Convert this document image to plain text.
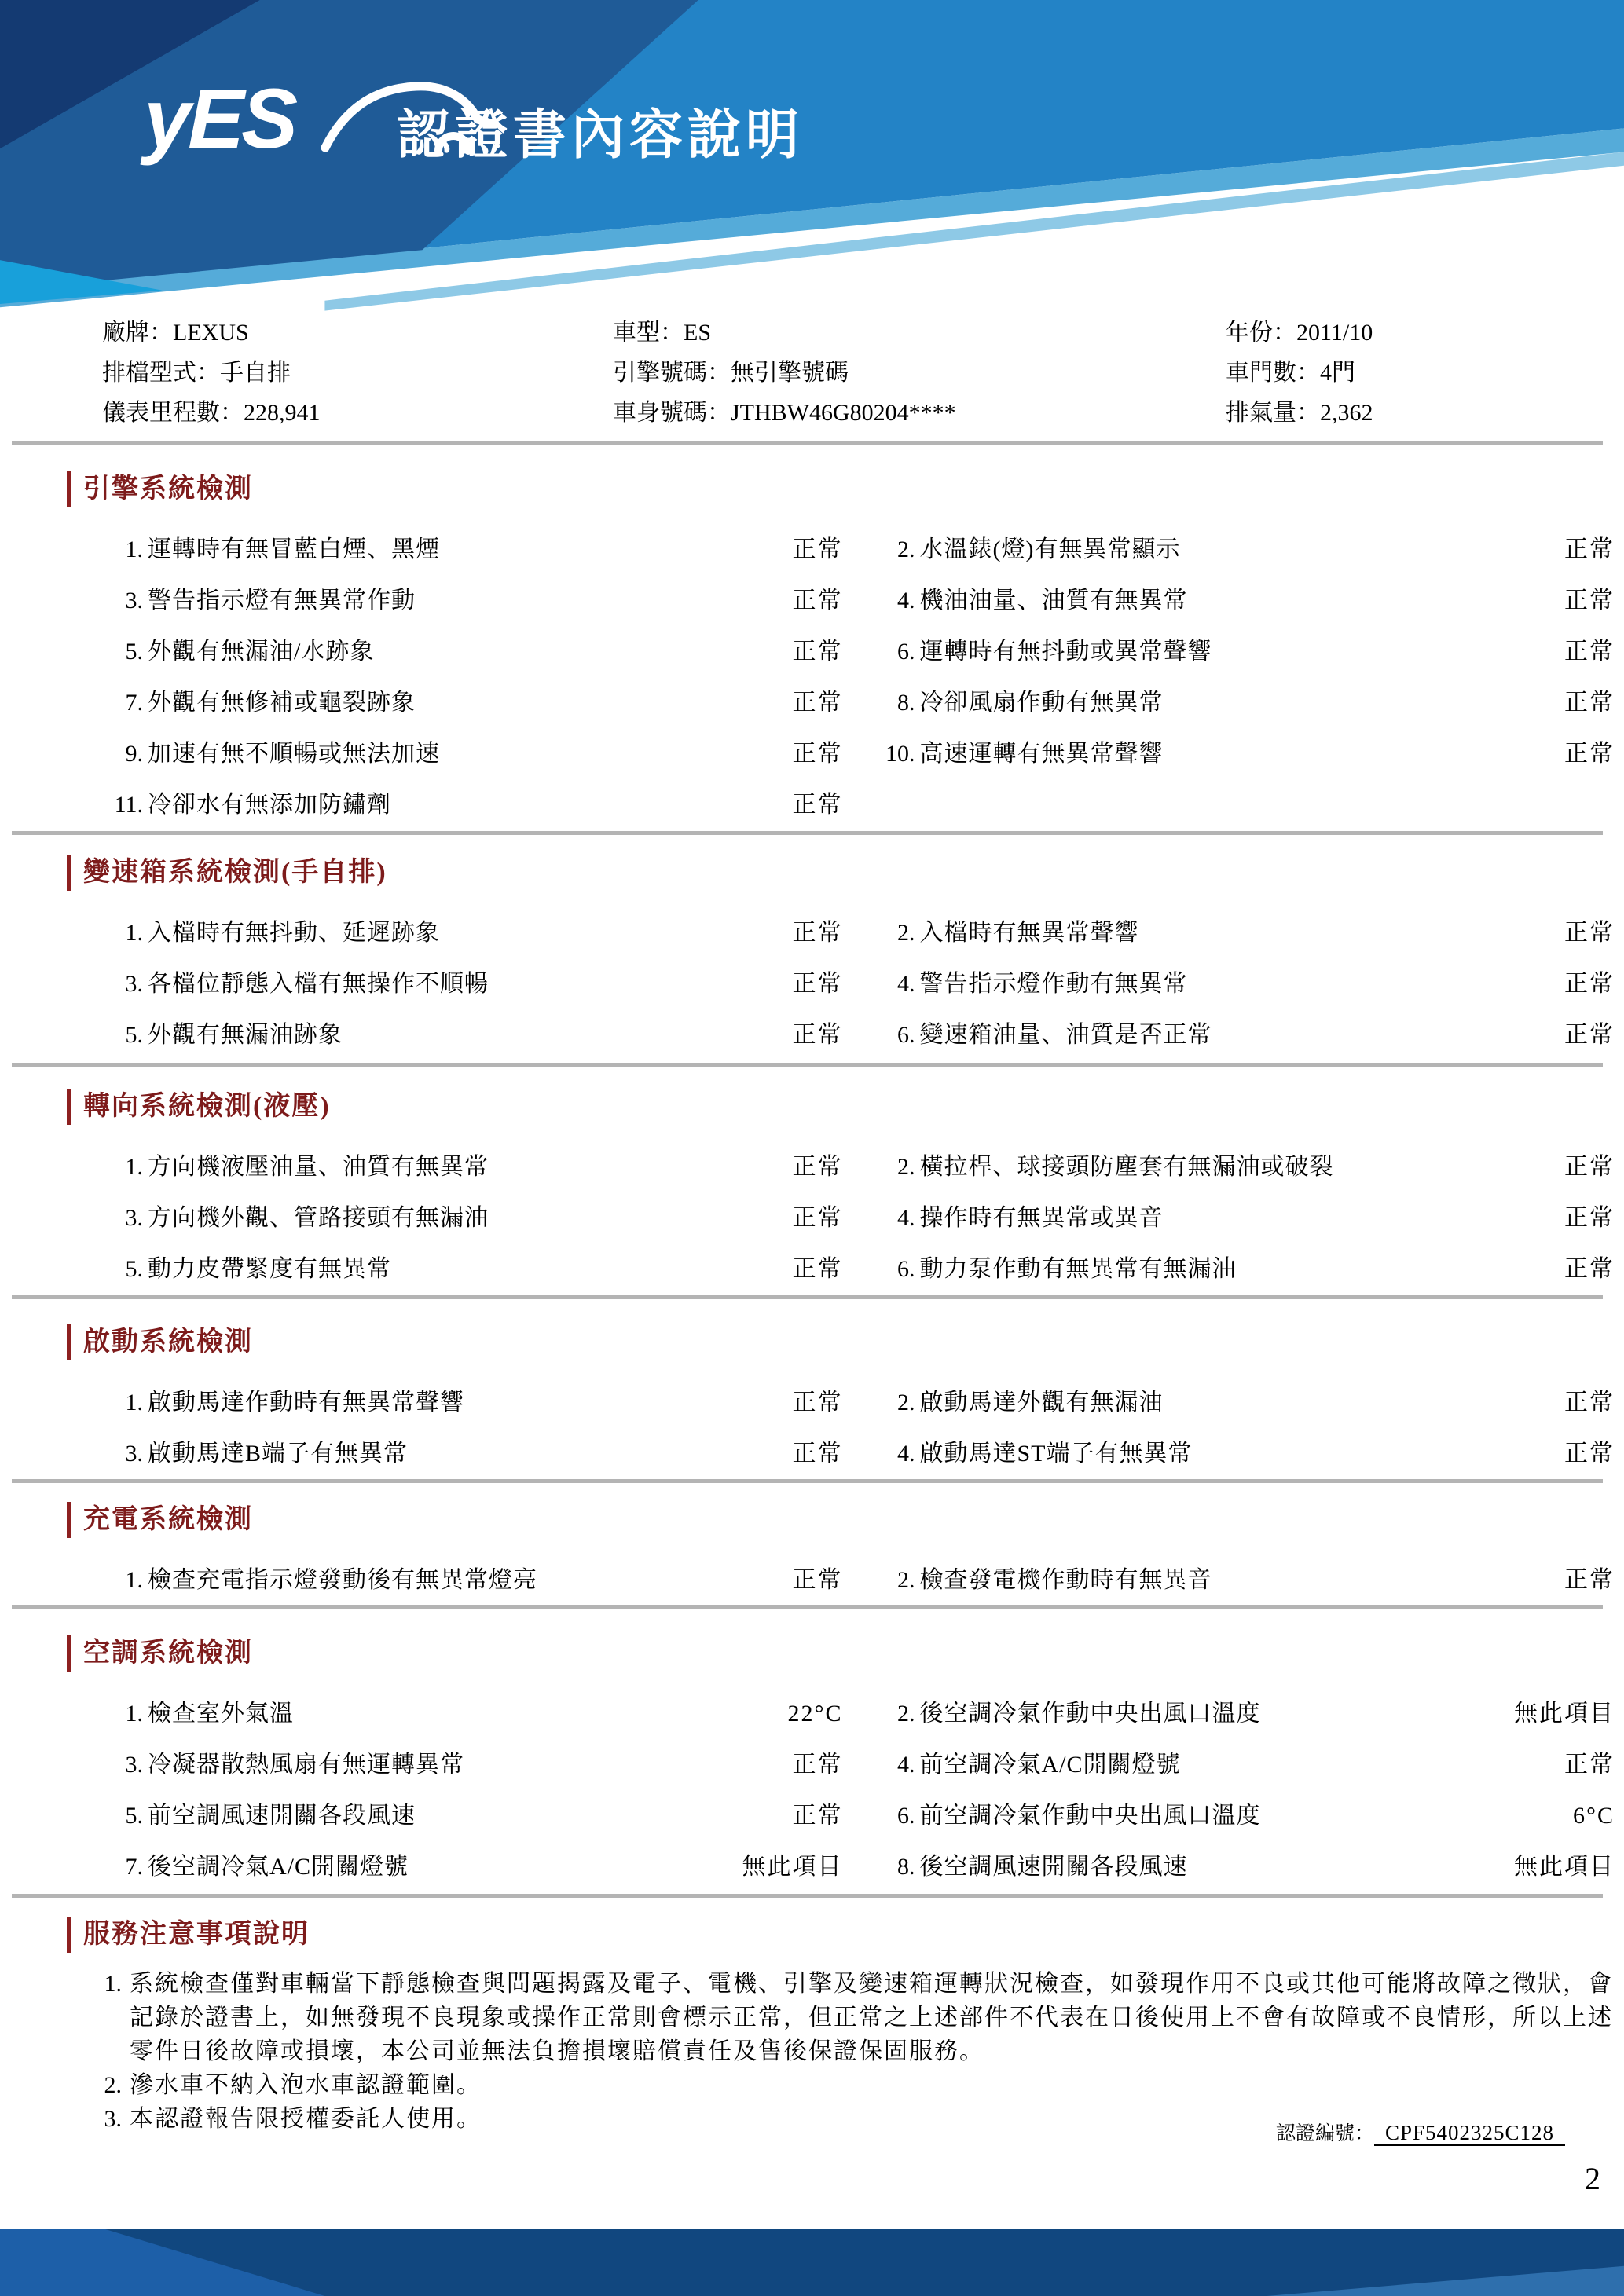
yES 認證書內容說明
廠牌：LEXUS	車型：ES	年份：2011/10
排檔型式：手自排	引擎號碼：無引擎號碼	車門數：4門
儀表里程數：228,941	車身號碼：JTHBW46G80204****	排氣量：2,362
引擎系統檢測
1. 運轉時有無冒藍白煙、黑煙	正常	2. 水溫錶(燈)有無異常顯示	正常
3. 警告指示燈有無異常作動	正常	4. 機油油量、油質有無異常	正常
5. 外觀有無漏油/水跡象	正常	6. 運轉時有無抖動或異常聲響	正常
7. 外觀有無修補或龜裂跡象	正常	8. 冷卻風扇作動有無異常	正常
9. 加速有無不順暢或無法加速	正常	10. 高速運轉有無異常聲響	正常
11. 冷卻水有無添加防鏽劑	正常
變速箱系統檢測(手自排)
1. 入檔時有無抖動、延遲跡象	正常	2. 入檔時有無異常聲響	正常
3. 各檔位靜態入檔有無操作不順暢	正常	4. 警告指示燈作動有無異常	正常
5. 外觀有無漏油跡象	正常	6. 變速箱油量、油質是否正常	正常
轉向系統檢測(液壓)
1. 方向機液壓油量、油質有無異常	正常	2. 橫拉桿、球接頭防塵套有無漏油或破裂	正常
3. 方向機外觀、管路接頭有無漏油	正常	4. 操作時有無異常或異音	正常
5. 動力皮帶緊度有無異常	正常	6. 動力泵作動有無異常有無漏油	正常
啟動系統檢測
1. 啟動馬達作動時有無異常聲響	正常	2. 啟動馬達外觀有無漏油	正常
3. 啟動馬達B端子有無異常	正常	4. 啟動馬達ST端子有無異常	正常
充電系統檢測
1. 檢查充電指示燈發動後有無異常燈亮	正常	2. 檢查發電機作動時有無異音	正常
空調系統檢測
1. 檢查室外氣溫	22°C	2. 後空調冷氣作動中央出風口溫度	無此項目
3. 冷凝器散熱風扇有無運轉異常	正常	4. 前空調冷氣A/C開關燈號	正常
5. 前空調風速開關各段風速	正常	6. 前空調冷氣作動中央出風口溫度	6°C
7. 後空調冷氣A/C開關燈號	無此項目	8. 後空調風速開關各段風速	無此項目
服務注意事項說明
1. 系統檢查僅對車輛當下靜態檢查與問題揭露及電子、電機、引擎及變速箱運轉狀況檢查，如發現作用不良或其他可能將故障之徵狀，會記錄於證書上，如無發現不良現象或操作正常則會標示正常，但正常之上述部件不代表在日後使用上不會有故障或不良情形，所以上述零件日後故障或損壞，本公司並無法負擔損壞賠償責任及售後保證保固服務。
2. 滲水車不納入泡水車認證範圍。
3. 本認證報告限授權委託人使用。
認證編號： CPF5402325C128
2
